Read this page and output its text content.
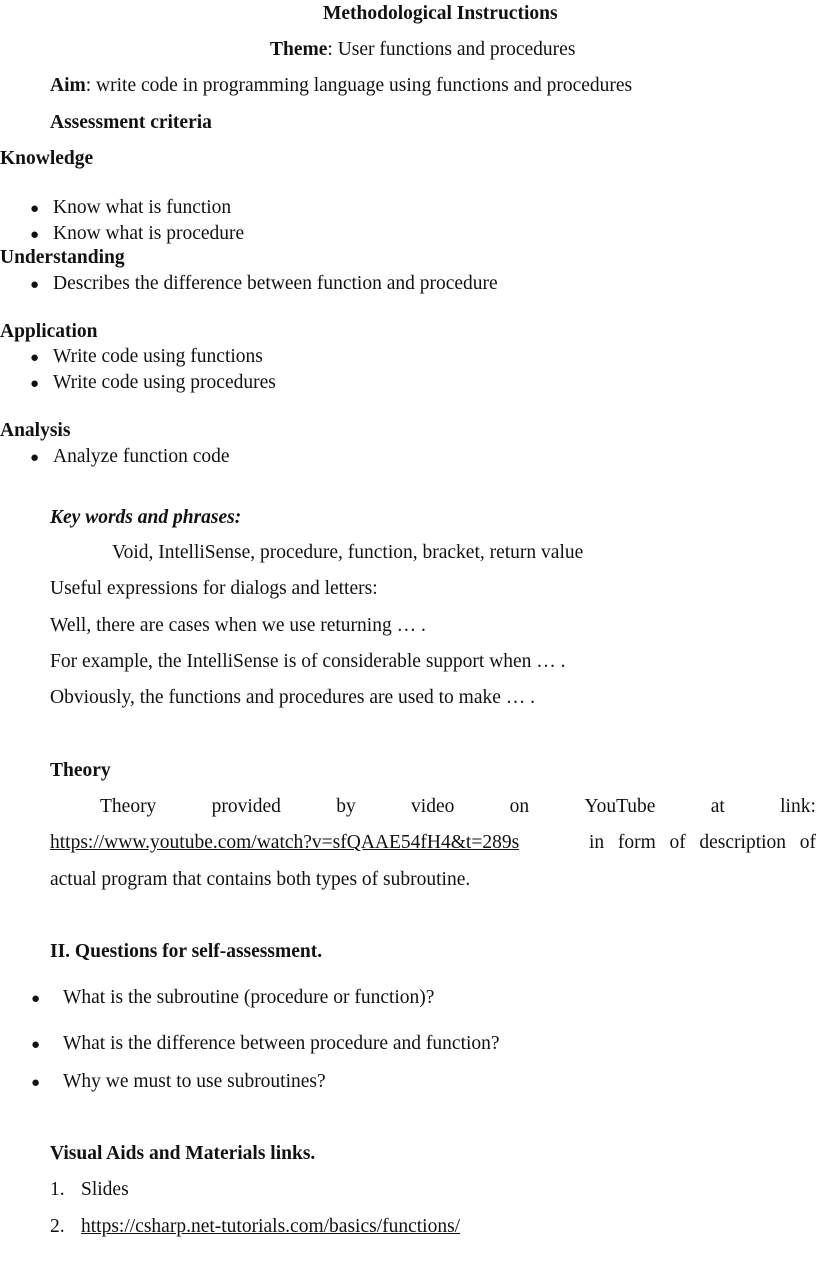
Methodological Instructions
Theme: User functions and procedures
Aim: write code in programming language using functions and procedures
Assessment criteria
Knowledge
● Know what is function
● Know what is procedure
Understanding
● Describes the difference between function and procedure
Application
● Write code using functions
● Write code using procedures
Analysis
● Analyze function code
Key words and phrases:
Void, IntelliSense, procedure, function, bracket, return value
Useful expressions for dialogs and letters:
Well, there are cases when we use returning … .
For example, the IntelliSense is of considerable support when … .
Obviously, the functions and procedures are used to make … .
Theory
Theory	provided	by	video	on	YouTube	at	link:
https://www.youtube.com/watch?v=sfQAAE54fH4&t=289s	in form of description of
actual program that contains both types of subroutine.
II. Questions for self-assessment.
● What is the subroutine (procedure or function)?
● What is the difference between procedure and function?
● Why we must to use subroutines?
Visual Aids and Materials links.
1. Slides
2. https://csharp.net-tutorials.com/basics/functions/
